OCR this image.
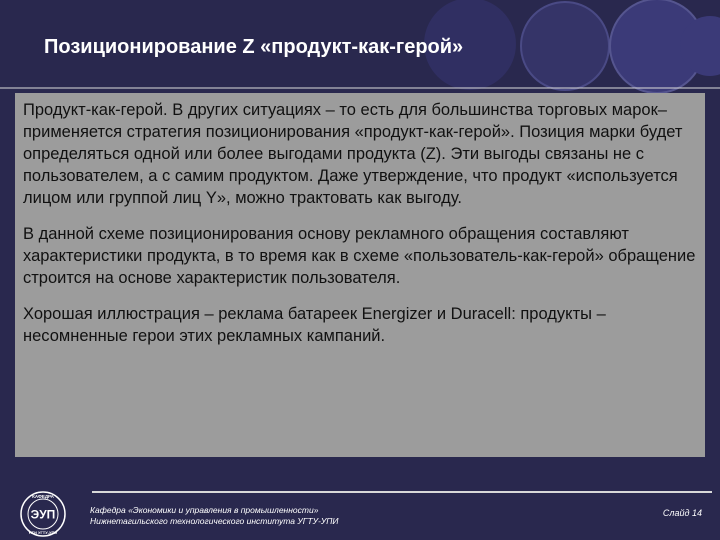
Позиционирование Z «продукт-как-герой»

Продукт-как-герой. В других ситуациях – то есть для большинства торговых марок–применяется стратегия позиционирования «продукт-как-герой». Позиция марки будет определяться одной или более выгодами продукта (Z). Эти выгоды связаны не с пользователем, а с самим продуктом. Даже утверждение, что продукт «используется лицом или группой лиц Y», можно трактовать как выгоду.

В данной схеме позиционирования основу рекламного обращения составляют характеристики продукта, в то время как в схеме «пользователь-как-герой» обращение строится на основе характеристик пользователя.

Хорошая иллюстрация – реклама батареек Energizer и Duracell: продукты – несомненные герои этих рекламных кампаний.

ЭУП
КАФЕДРА
НТИ УГТУ-УПИ
Кафедра «Экономики и управления в промышленности»
Нижнетагильского технологического института УГТУ-УПИ
Слайд 14
